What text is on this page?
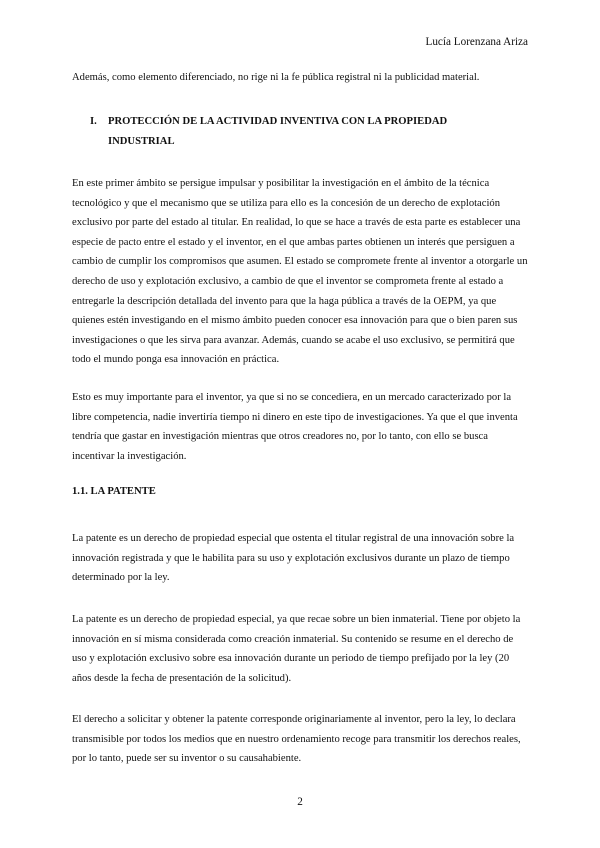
Lucía Lorenzana Ariza

Además, como elemento diferenciado, no rige ni la fe pública registral ni la publicidad material.

I. PROTECCIÓN DE LA ACTIVIDAD INVENTIVA CON LA PROPIEDAD INDUSTRIAL

En este primer ámbito se persigue impulsar y posibilitar la investigación en el ámbito de la técnica tecnológico y que el mecanismo que se utiliza para ello es la concesión de un derecho de explotación exclusivo por parte del estado al titular. En realidad, lo que se hace a través de esta parte es establecer una especie de pacto entre el estado y el inventor, en el que ambas partes obtienen un interés que persiguen a cambio de cumplir los compromisos que asumen. El estado se compromete frente al inventor a otorgarle un derecho de uso y explotación exclusivo, a cambio de que el inventor se comprometa frente al estado a entregarle la descripción detallada del invento para que la haga pública a través de la OEPM, ya que quienes estén investigando en el mismo ámbito pueden conocer esa innovación para que o bien paren sus investigaciones o que les sirva para avanzar. Además, cuando se acabe el uso exclusivo, se permitirá que todo el mundo ponga esa innovación en práctica.

Esto es muy importante para el inventor, ya que si no se concediera, en un mercado caracterizado por la libre competencia, nadie invertiría tiempo ni dinero en este tipo de investigaciones. Ya que el que inventa tendría que gastar en investigación mientras que otros creadores no, por lo tanto, con ello se busca incentivar la investigación.

1.1. LA PATENTE

La patente es un derecho de propiedad especial que ostenta el titular registral de una innovación sobre la innovación registrada y que le habilita para su uso y explotación exclusivos durante un plazo de tiempo determinado por la ley.

La patente es un derecho de propiedad especial, ya que recae sobre un bien inmaterial. Tiene por objeto la innovación en sí misma considerada como creación inmaterial. Su contenido se resume en el derecho de uso y explotación exclusivo sobre esa innovación durante un periodo de tiempo prefijado por la ley (20 años desde la fecha de presentación de la solicitud).

El derecho a solicitar y obtener la patente corresponde originariamente al inventor, pero la ley, lo declara transmisible por todos los medios que en nuestro ordenamiento recoge para transmitir los derechos reales, por lo tanto, puede ser su inventor o su causahabiente.

2
